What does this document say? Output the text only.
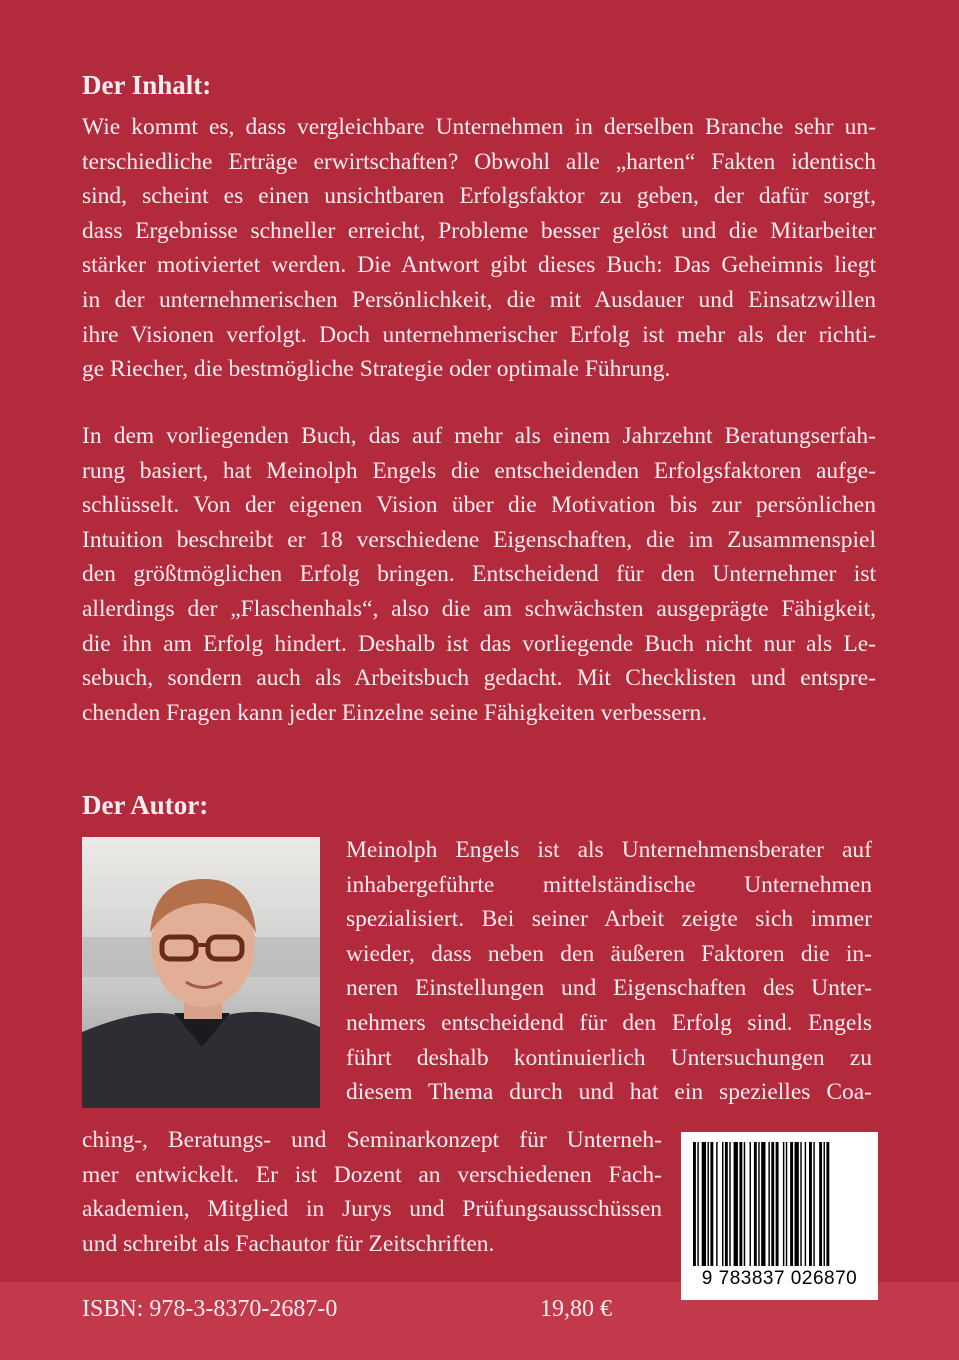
Der Inhalt:
Wie kommt es, dass vergleichbare Unternehmen in derselben Branche sehr un-
terschiedliche Erträge erwirtschaften? Obwohl alle „harten“ Fakten identisch
sind, scheint es einen unsichtbaren Erfolgsfaktor zu geben, der dafür sorgt,
dass Ergebnisse schneller erreicht, Probleme besser gelöst und die Mitarbeiter
stärker motiviertet werden. Die Antwort gibt dieses Buch: Das Geheimnis liegt
in der unternehmerischen Persönlichkeit, die mit Ausdauer und Einsatzwillen
ihre Visionen verfolgt. Doch unternehmerischer Erfolg ist mehr als der richti-
ge Riecher, die bestmögliche Strategie oder optimale Führung.
In dem vorliegenden Buch, das auf mehr als einem Jahrzehnt Beratungserfah-
rung basiert, hat Meinolph Engels die entscheidenden Erfolgsfaktoren aufge-
schlüsselt. Von der eigenen Vision über die Motivation bis zur persönlichen
Intuition beschreibt er 18 verschiedene Eigenschaften, die im Zusammenspiel
den größtmöglichen Erfolg bringen. Entscheidend für den Unternehmer ist
allerdings der „Flaschenhals“, also die am schwächsten ausgeprägte Fähigkeit,
die ihn am Erfolg hindert. Deshalb ist das vorliegende Buch nicht nur als Le-
sebuch, sondern auch als Arbeitsbuch gedacht. Mit Checklisten und entspre-
chenden Fragen kann jeder Einzelne seine Fähigkeiten verbessern.
Der Autor:
Meinolph Engels ist als Unternehmensberater auf
inhabergeführte mittelständische Unternehmen
spezialisiert. Bei seiner Arbeit zeigte sich immer
wieder, dass neben den äußeren Faktoren die in-
neren Einstellungen und Eigenschaften des Unter-
nehmers entscheidend für den Erfolg sind. Engels
führt deshalb kontinuierlich Untersuchungen zu
diesem Thema durch und hat ein spezielles Coa-
ching-, Beratungs- und Seminarkonzept für Unterneh-
mer entwickelt. Er ist Dozent an verschiedenen Fach-
akademien, Mitglied in Jurys und Prüfungsausschüssen
und schreibt als Fachautor für Zeitschriften.
ISBN: 978-3-8370-2687-0	19,80 €
9 783837 026870
